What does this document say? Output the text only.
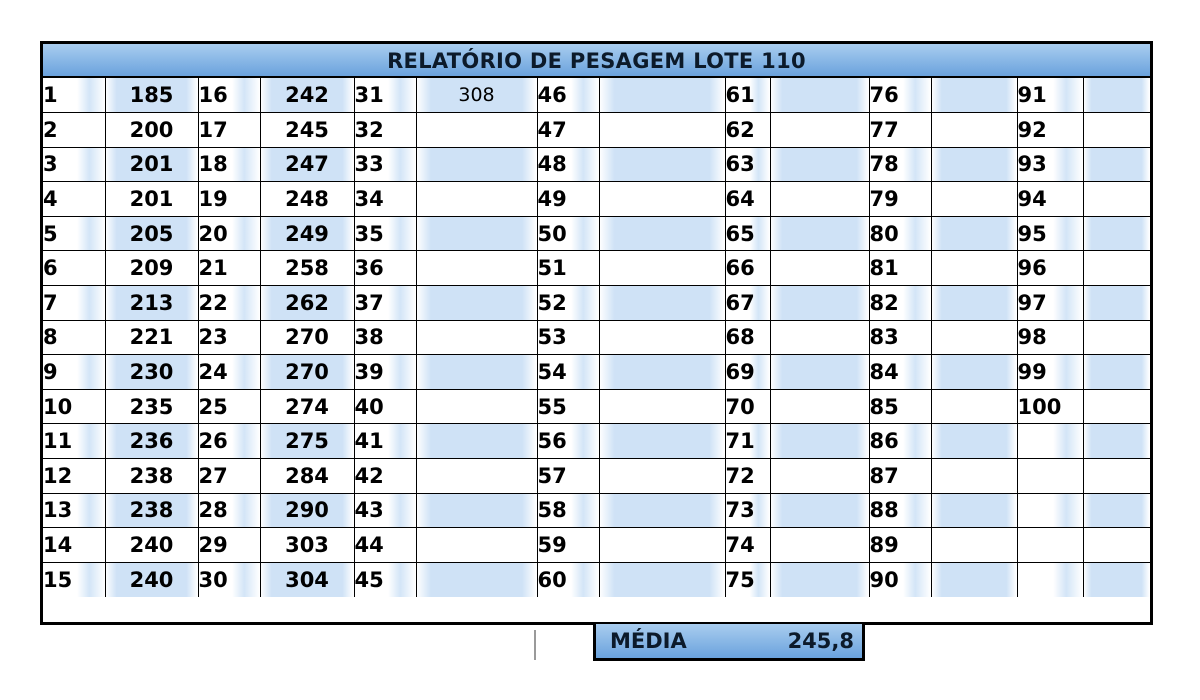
RELATÓRIO DE PESAGEM LOTE 110
1	185	16	242	31	308	46		61		76		91	
2	200	17	245	32		47		62		77		92	
3	201	18	247	33		48		63		78		93	
4	201	19	248	34		49		64		79		94	
5	205	20	249	35		50		65		80		95	
6	209	21	258	36		51		66		81		96	
7	213	22	262	37		52		67		82		97	
8	221	23	270	38		53		68		83		98	
9	230	24	270	39		54		69		84		99	
10	235	25	274	40		55		70		85		100	
11	236	26	275	41		56		71		86			
12	238	27	284	42		57		72		87			
13	238	28	290	43		58		73		88			
14	240	29	303	44		59		74		89			
15	240	30	304	45		60		75		90			
MÉDIA	245,8
